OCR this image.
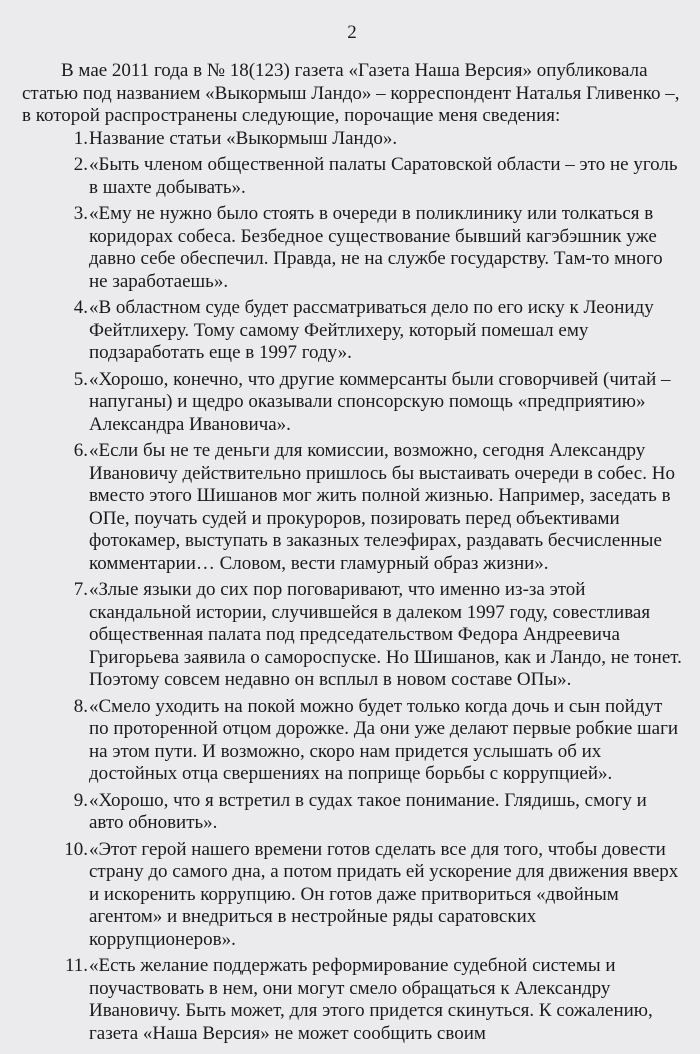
2

В мае 2011 года в № 18(123) газета «Газета Наша Версия» опубликовала статью под названием «Выкормыш Ландо» – корреспондент Наталья Гливенко –, в которой распространены следующие, порочащие меня сведения:

1. Название статьи «Выкормыш Ландо».
2. «Быть членом общественной палаты Саратовской области – это не уголь в шахте добывать».
3. «Ему не нужно было стоять в очереди в поликлинику или толкаться в коридорах собеса. Безбедное существование бывший кагэбэшник уже давно себе обеспечил. Правда, не на службе государству. Там-то много не заработаешь».
4. «В областном суде будет рассматриваться дело по его иску к Леониду Фейтлихеру. Тому самому Фейтлихеру, который помешал ему подзаработать еще в 1997 году».
5. «Хорошо, конечно, что другие коммерсанты были сговорчивей (читай – напуганы) и щедро оказывали спонсорскую помощь «предприятию» Александра Ивановича».
6. «Если бы не те деньги для комиссии, возможно, сегодня Александру Ивановичу действительно пришлось бы выстаивать очереди в собес. Но вместо этого Шишанов мог жить полной жизнью. Например, заседать в ОПе, поучать судей и прокуроров, позировать перед объективами фотокамер, выступать в заказных телеэфирах, раздавать бесчисленные комментарии… Словом, вести гламурный образ жизни».
7. «Злые языки до сих пор поговаривают, что именно из-за этой скандальной истории, случившейся в далеком 1997 году, совестливая общественная палата под председательством Федора Андреевича Григорьева заявила о самороспуске. Но Шишанов, как и Ландо, не тонет. Поэтому совсем недавно он всплыл в новом составе ОПы».
8. «Смело уходить на покой можно будет только когда дочь и сын пойдут по проторенной отцом дорожке. Да они уже делают первые робкие шаги на этом пути. И возможно, скоро нам придется услышать об их достойных отца свершениях на поприще борьбы с коррупцией».
9. «Хорошо, что я встретил в судах такое понимание. Глядишь, смогу и авто обновить».
10. «Этот герой нашего времени готов сделать все для того, чтобы довести страну до самого дна, а потом придать ей ускорение для движения вверх и искоренить коррупцию. Он готов даже притвориться «двойным агентом» и внедриться в нестройные ряды саратовских коррупционеров».
11. «Есть желание поддержать реформирование судебной системы и поучаствовать в нем, они могут смело обращаться к Александру Ивановичу. Быть может, для этого придется скинуться. К сожалению, газета «Наша Версия» не может сообщить своим
